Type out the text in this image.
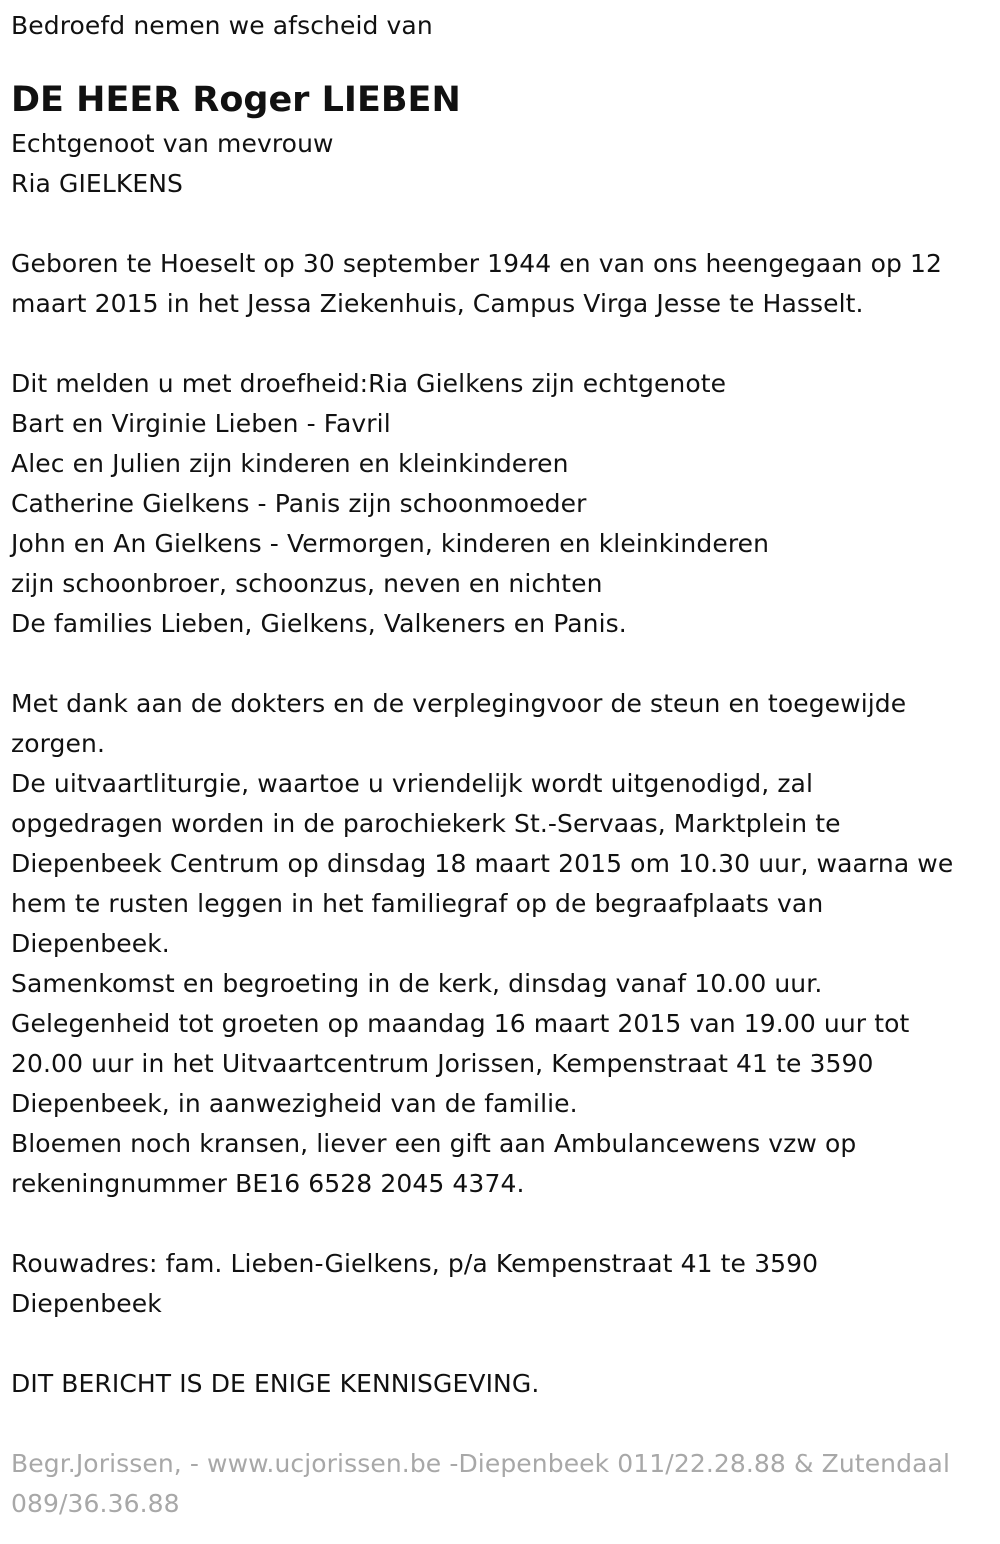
Bedroefd nemen we afscheid van
DE HEER Roger LIEBEN
Echtgenoot van mevrouw
Ria GIELKENS
Geboren te Hoeselt op 30 september 1944 en van ons heengegaan op 12
maart 2015 in het Jessa Ziekenhuis, Campus Virga Jesse te Hasselt.
Dit melden u met droefheid:Ria Gielkens zijn echtgenote
Bart en Virginie Lieben - Favril
Alec en Julien zijn kinderen en kleinkinderen
Catherine Gielkens - Panis zijn schoonmoeder
John en An Gielkens - Vermorgen, kinderen en kleinkinderen
zijn schoonbroer, schoonzus, neven en nichten
De families Lieben, Gielkens, Valkeners en Panis.
Met dank aan de dokters en de verplegingvoor de steun en toegewijde
zorgen.
De uitvaartliturgie, waartoe u vriendelijk wordt uitgenodigd, zal
opgedragen worden in de parochiekerk St.-Servaas, Marktplein te
Diepenbeek Centrum op dinsdag 18 maart 2015 om 10.30 uur, waarna we
hem te rusten leggen in het familiegraf op de begraafplaats van
Diepenbeek.
Samenkomst en begroeting in de kerk, dinsdag vanaf 10.00 uur.
Gelegenheid tot groeten op maandag 16 maart 2015 van 19.00 uur tot
20.00 uur in het Uitvaartcentrum Jorissen, Kempenstraat 41 te 3590
Diepenbeek, in aanwezigheid van de familie.
Bloemen noch kransen, liever een gift aan Ambulancewens vzw op
rekeningnummer BE16 6528 2045 4374.
Rouwadres: fam. Lieben-Gielkens, p/a Kempenstraat 41 te 3590
Diepenbeek
DIT BERICHT IS DE ENIGE KENNISGEVING.
Begr.Jorissen, - www.ucjorissen.be -Diepenbeek 011/22.28.88 & Zutendaal
089/36.36.88
